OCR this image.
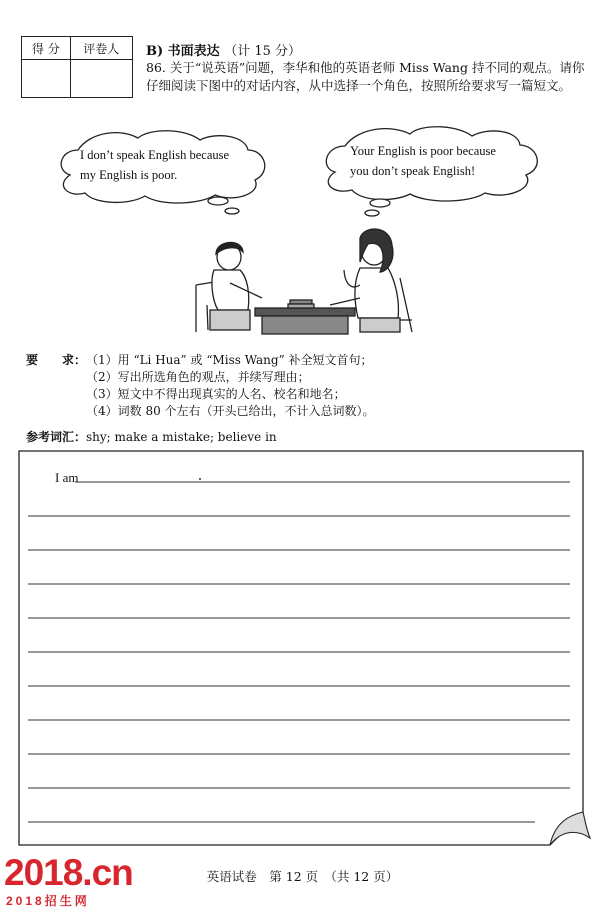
得 分	评卷人
	B) 书面表达 （计 15 分）
86. 关于“说英语”问题，李华和他的英语老师 Miss Wang 持不同的观点。请你仔细阅读下图中的对话内容，从中选择一个角色，按照所给要求写一篇短文。
I don’t speak English because
my English is poor.
Your English is poor because
you don’t speak English!
要　　求： （1）用 “Li Hua” 或 “Miss Wang” 补全短文首句；
（2）写出所选角色的观点，并续写理由；
（3）短文中不得出现真实的人名、校名和地名；
（4）词数 80 个左右（开头已给出，不计入总词数）。
参考词汇：shy; make a mistake; believe in
I am
英语试卷　第 12 页　（共 12 页）
2018.cn
2018招生网
